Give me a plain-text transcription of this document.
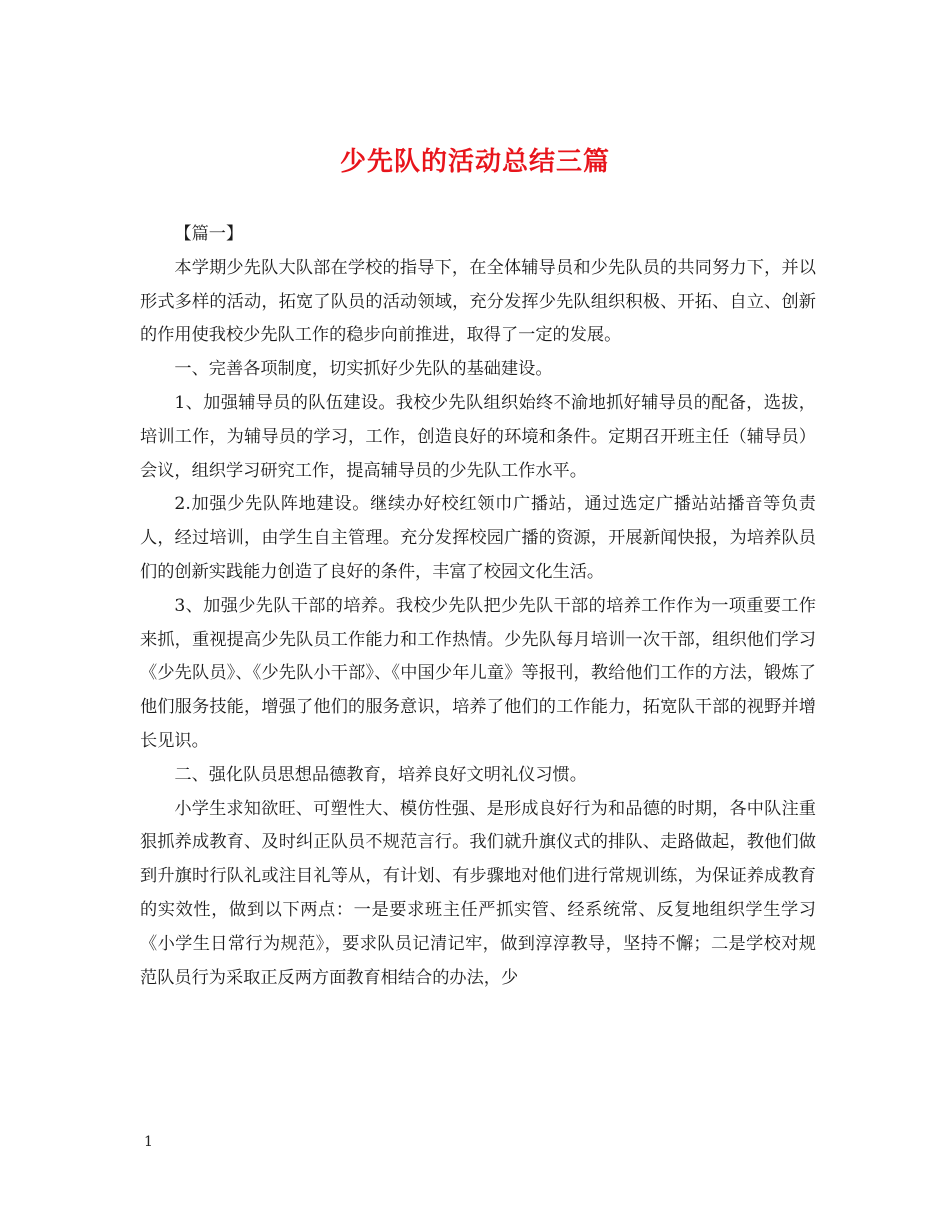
少先队的活动总结三篇

【篇一】

本学期少先队大队部在学校的指导下，在全体辅导员和少先队员的共同努力下，并以形式多样的活动，拓宽了队员的活动领域，充分发挥少先队组织积极、开拓、自立、创新的作用使我校少先队工作的稳步向前推进，取得了一定的发展。

一、完善各项制度，切实抓好少先队的基础建设。

1、加强辅导员的队伍建设。我校少先队组织始终不渝地抓好辅导员的配备，选拔，培训工作，为辅导员的学习，工作，创造良好的环境和条件。定期召开班主任（辅导员）会议，组织学习研究工作，提高辅导员的少先队工作水平。

2.加强少先队阵地建设。继续办好校红领巾广播站，通过选定广播站站播音等负责人，经过培训，由学生自主管理。充分发挥校园广播的资源，开展新闻快报，为培养队员们的创新实践能力创造了良好的条件，丰富了校园文化生活。

3、加强少先队干部的培养。我校少先队把少先队干部的培养工作作为一项重要工作来抓，重视提高少先队员工作能力和工作热情。少先队每月培训一次干部，组织他们学习《少先队员》、《少先队小干部》、《中国少年儿童》等报刊，教给他们工作的方法，锻炼了他们服务技能，增强了他们的服务意识，培养了他们的工作能力，拓宽队干部的视野并增长见识。

二、强化队员思想品德教育，培养良好文明礼仪习惯。

小学生求知欲旺、可塑性大、模仿性强、是形成良好行为和品德的时期，各中队注重狠抓养成教育、及时纠正队员不规范言行。我们就升旗仪式的排队、走路做起，教他们做到升旗时行队礼或注目礼等从，有计划、有步骤地对他们进行常规训练，为保证养成教育的实效性，做到以下两点：一是要求班主任严抓实管、经系统常、反复地组织学生学习《小学生日常行为规范》，要求队员记清记牢，做到淳淳教导，坚持不懈；二是学校对规范队员行为采取正反两方面教育相结合的办法，少

1
